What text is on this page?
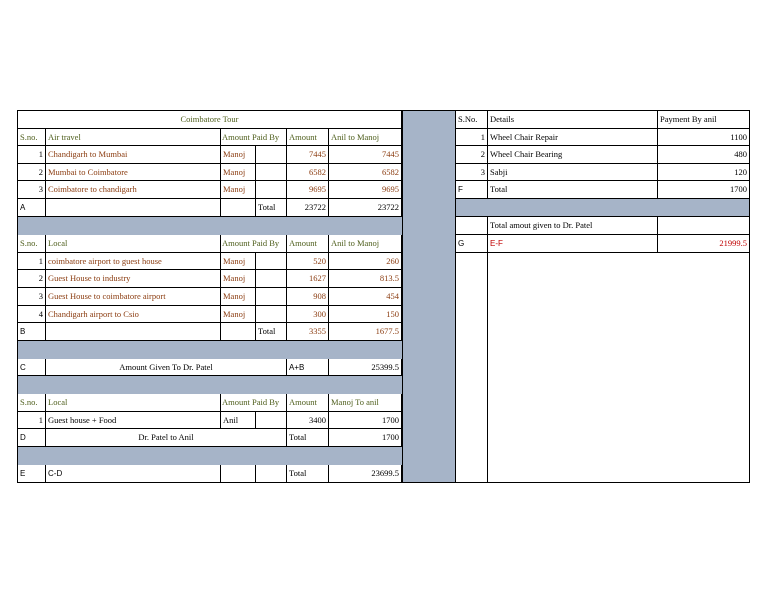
Coimbatore Tour
S.no.	Air travel	Amount Paid By	Amount	Anil to Manoj
1 Chandigarh to Mumbai	Manoj	7445	7445
2 Mumbai to Coimbatore	Manoj	6582	6582
3 Coimbatore to chandigarh	Manoj	9695	9695
A	Total	23722	23722
S.no.	Local	Amount Paid By	Amount	Anil to Manoj
1 coimbatore airport to guest house	Manoj	520	260
2 Guest House to industry	Manoj	1627	813.5
3 Guest House to coimbatore airport	Manoj	908	454
4 Chandigarh airport to Csio	Manoj	300	150
B	Total	3355	1677.5
C	Amount Given To Dr. Patel	A+B	25399.5
S.no.	Local	Amount Paid By	Amount	Manoj To anil
1 Guest house + Food	Anil	3400	1700
D	Dr. Patel to Anil	Total	1700
E	C-D	Total	23699.5
S.No.	Details	Payment By anil
1 Wheel Chair Repair	1100
2 Wheel Chair Bearing	480
3 Sabji	120
F	Total	1700
Total amout given to Dr. Patel
G	E-F	21999.5
